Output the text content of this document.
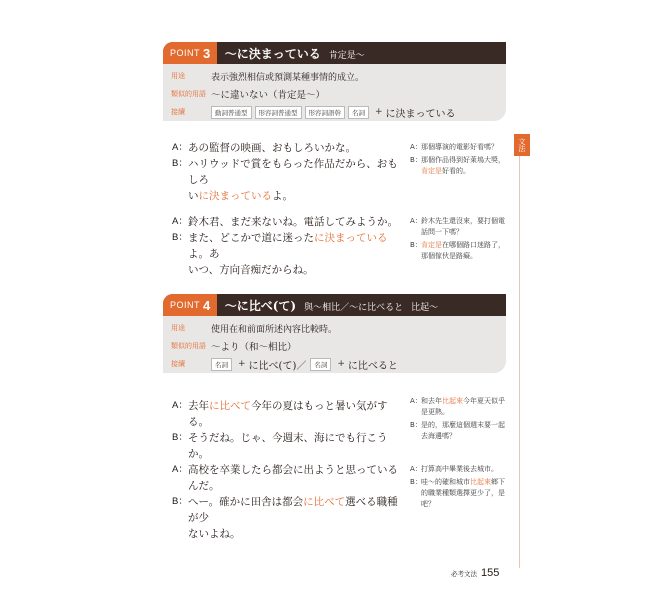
文法
POINT 3 ～に決まっている 肯定是～
用途	表示強烈相信或預測某種事情的成立。
類似的用語 ～に違いない（肯定是～）
接續	動詞普通型	形容詞普通型	形容詞語幹	名詞	+ に決まっている
A： あの監督の映画、おもしろいかな。
B： ハリウッドで賞をもらった作品だから、おもしろ
いに決まっているよ。
A： 那個導演的電影好看嗎？
B： 那個作品得到好萊塢大獎，肯定是好看的。
A： 鈴木君、まだ来ないね。電話してみようか。
B： また、どこかで道に迷ったに決まっているよ。あ
いつ、方向音痴だからね。
A： 鈴木先生還沒來，要打個電話問一下嗎？
B： 肯定是在哪個路口迷路了，那個傢伙是路癡。
POINT 4 ～に比べ(て) 與～相比／～に比べると 比起～
用途	使用在和前面所述內容比較時。
類似的用語 ～より（和～相比）
接續	名詞	+ に比べ(て)／	名詞	+ に比べると
A： 去年に比べて今年の夏はもっと暑い気がする。
B： そうだね。じゃ、今週末、海にでも行こうか。
A： 和去年比起來今年夏天似乎是更熱。
B： 是的，那麼這個週末要一起去海邊嗎？
A： 高校を卒業したら都会に出ようと思っているんだ。
B： へー。確かに田舎は都会に比べて選べる職種が少
ないよね。
A： 打算高中畢業後去城市。
B： 哇～的確和城市比起來鄉下的職業種類選擇更少了，是吧？
必考文法 155
